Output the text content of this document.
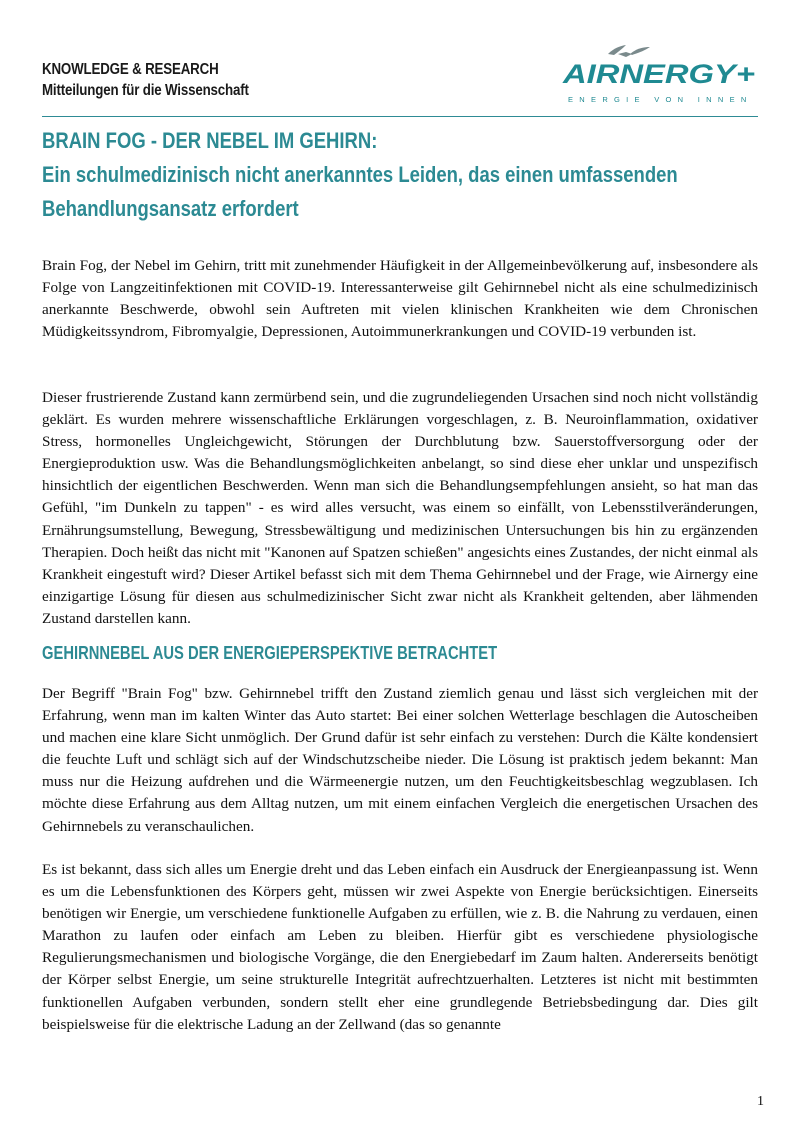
KNOWLEDGE & RESEARCH
Mitteilungen für die Wissenschaft
AIRNERGY+
ENERGIE VON INNEN
BRAIN FOG - DER NEBEL IM GEHIRN:
Ein schulmedizinisch nicht anerkanntes Leiden, das einen umfassenden
Behandlungsansatz erfordert

Brain Fog, der Nebel im Gehirn, tritt mit zunehmender Häufigkeit in der Allgemeinbevölkerung auf, insbesondere als Folge von Langzeitinfektionen mit COVID-19. Interessanterweise gilt Gehirnnebel nicht als eine schulmedizinisch anerkannte Beschwerde, obwohl sein Auftreten mit vielen klinischen Krankheiten wie dem Chronischen Müdigkeitssyndrom, Fibromyalgie, Depressionen, Autoimmunerkrankungen und COVID-19 verbunden ist.

Dieser frustrierende Zustand kann zermürbend sein, und die zugrundeliegenden Ursachen sind noch nicht vollständig geklärt. Es wurden mehrere wissenschaftliche Erklärungen vorgeschlagen, z. B. Neuroinflammation, oxidativer Stress, hormonelles Ungleichgewicht, Störungen der Durchblutung bzw. Sauerstoffversorgung oder der Energieproduktion usw. Was die Behandlungsmöglichkeiten anbelangt, so sind diese eher unklar und unspezifisch hinsichtlich der eigentlichen Beschwerden. Wenn man sich die Behandlungsempfehlungen ansieht, so hat man das Gefühl, "im Dunkeln zu tappen" - es wird alles versucht, was einem so einfällt, von Lebensstilveränderungen, Ernährungsumstellung, Bewegung, Stressbewältigung und medizinischen Untersuchungen bis hin zu ergänzenden Therapien. Doch heißt das nicht mit "Kanonen auf Spatzen schießen" angesichts eines Zustandes, der nicht einmal als Krankheit eingestuft wird? Dieser Artikel befasst sich mit dem Thema Gehirnnebel und der Frage, wie Airnergy eine einzigartige Lösung für diesen aus schulmedizinischer Sicht zwar nicht als Krankheit geltenden, aber lähmenden Zustand darstellen kann.

GEHIRNNEBEL AUS DER ENERGIEPERSPEKTIVE BETRACHTET

Der Begriff "Brain Fog" bzw. Gehirnnebel trifft den Zustand ziemlich genau und lässt sich vergleichen mit der Erfahrung, wenn man im kalten Winter das Auto startet: Bei einer solchen Wetterlage beschlagen die Autoscheiben und machen eine klare Sicht unmöglich. Der Grund dafür ist sehr einfach zu verstehen: Durch die Kälte kondensiert die feuchte Luft und schlägt sich auf der Windschutzscheibe nieder. Die Lösung ist praktisch jedem bekannt: Man muss nur die Heizung aufdrehen und die Wärmeenergie nutzen, um den Feuchtigkeitsbeschlag wegzublasen. Ich möchte diese Erfahrung aus dem Alltag nutzen, um mit einem einfachen Vergleich die energetischen Ursachen des Gehirnnebels zu veranschaulichen.

Es ist bekannt, dass sich alles um Energie dreht und das Leben einfach ein Ausdruck der Energieanpassung ist. Wenn es um die Lebensfunktionen des Körpers geht, müssen wir zwei Aspekte von Energie berücksichtigen. Einerseits benötigen wir Energie, um verschiedene funktionelle Aufgaben zu erfüllen, wie z. B. die Nahrung zu verdauen, einen Marathon zu laufen oder einfach am Leben zu bleiben. Hierfür gibt es verschiedene physiologische Regulierungsmechanismen und biologische Vorgänge, die den Energiebedarf im Zaum halten. Andererseits benötigt der Körper selbst Energie, um seine strukturelle Integrität aufrechtzuerhalten. Letzteres ist nicht mit bestimmten funktionellen Aufgaben verbunden, sondern stellt eher eine grundlegende Betriebsbedingung dar. Dies gilt beispielsweise für die elektrische Ladung an der Zellwand (das so genannte

1
